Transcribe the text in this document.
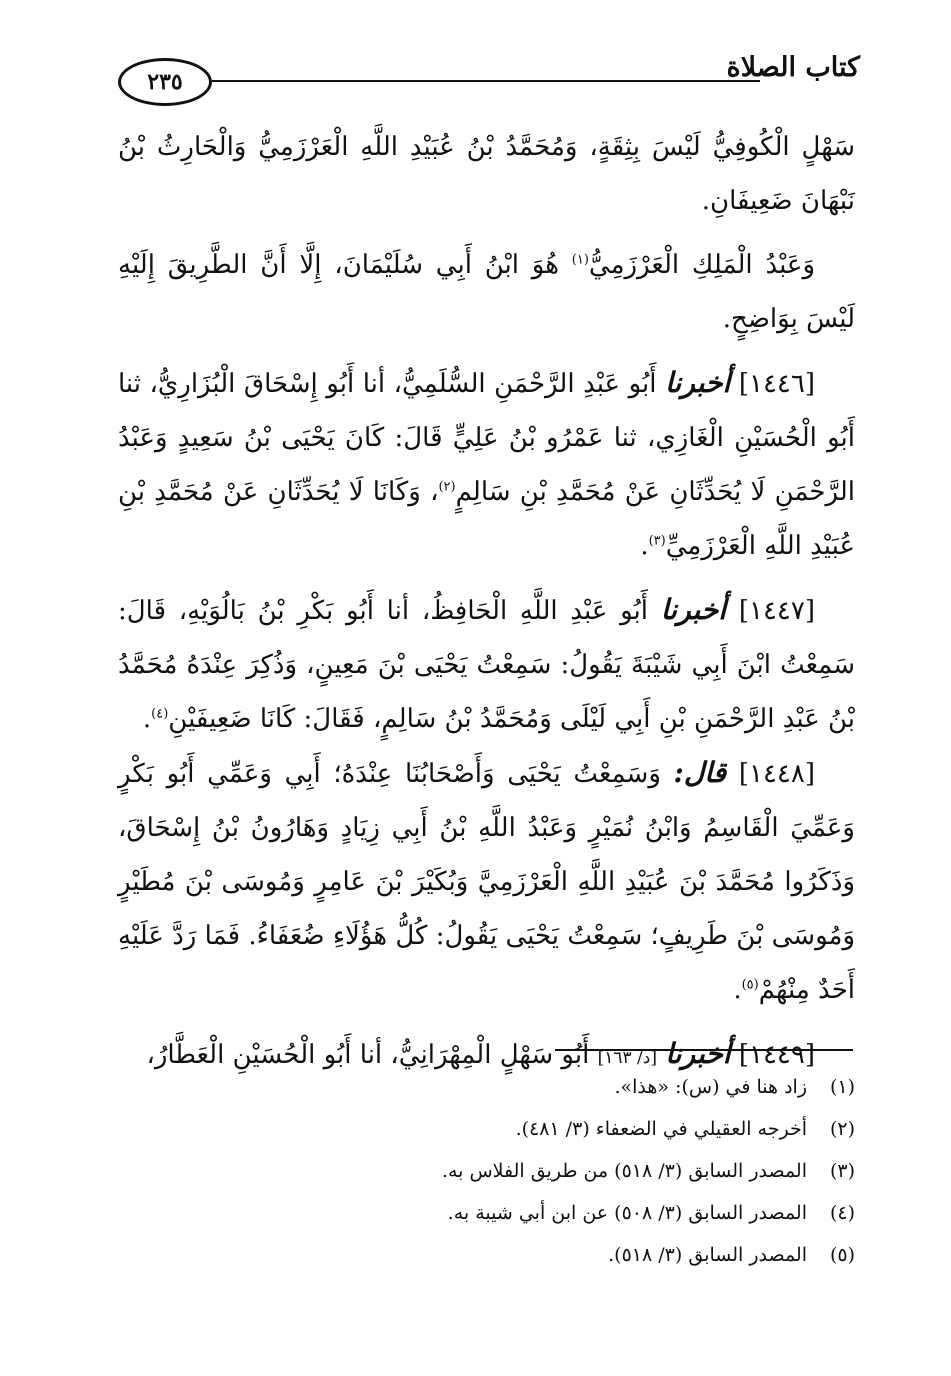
٢٣٥	كتاب الصلاة

سَهْلٍ الْكُوفِيُّ لَيْسَ بِثِقَةٍ، وَمُحَمَّدُ بْنُ عُبَيْدِ اللَّهِ الْعَرْزَمِيُّ وَالْحَارِثُ بْنُ نَبْهَانَ ضَعِيفَانِ.

وَعَبْدُ الْمَلِكِ الْعَرْزَمِيُّ$^{(١)}$ هُوَ ابْنُ أَبِي سُلَيْمَانَ، إِلَّا أَنَّ الطَّرِيقَ إِلَيْهِ لَيْسَ بِوَاضِحٍ.

[١٤٤٦] أخبرنا أَبُو عَبْدِ الرَّحْمَنِ السُّلَمِيُّ، أنا أَبُو إِسْحَاقَ الْبُزَارِيُّ، ثنا أَبُو الْحُسَيْنِ الْغَازِي، ثنا عَمْرُو بْنُ عَلِيٍّ قَالَ: كَانَ يَحْيَى بْنُ سَعِيدٍ وَعَبْدُ الرَّحْمَنِ لَا يُحَدِّثَانِ عَنْ مُحَمَّدِ بْنِ سَالِمٍ$^{(٢)}$، وَكَانَا لَا يُحَدِّثَانِ عَنْ مُحَمَّدِ بْنِ عُبَيْدِ اللَّهِ الْعَرْزَمِيِّ$^{(٣)}$.

[١٤٤٧] أخبرنا أَبُو عَبْدِ اللَّهِ الْحَافِظُ، أنا أَبُو بَكْرِ بْنُ بَالُوَيْهِ، قَالَ: سَمِعْتُ ابْنَ أَبِي شَيْبَةَ يَقُولُ: سَمِعْتُ يَحْيَى بْنَ مَعِينٍ، وَذُكِرَ عِنْدَهُ مُحَمَّدُ بْنُ عَبْدِ الرَّحْمَنِ بْنِ أَبِي لَيْلَى وَمُحَمَّدُ بْنُ سَالِمٍ، فَقَالَ: كَانَا ضَعِيفَيْنِ$^{(٤)}$.

[١٤٤٨] قال: وَسَمِعْتُ يَحْيَى وَأَصْحَابُنَا عِنْدَهُ؛ أَبِي وَعَمِّي أَبُو بَكْرٍ وَعَمِّيَ الْقَاسِمُ وَابْنُ نُمَيْرٍ وَعَبْدُ اللَّهِ بْنُ أَبِي زِيَادٍ وَهَارُونُ بْنُ إِسْحَاقَ، وَذَكَرُوا مُحَمَّدَ بْنَ عُبَيْدِ اللَّهِ الْعَرْزَمِيَّ وَبُكَيْرَ بْنَ عَامِرٍ وَمُوسَى بْنَ مُطَيْرٍ وَمُوسَى بْنَ طَرِيفٍ؛ سَمِعْتُ يَحْيَى يَقُولُ: كُلُّ هَؤُلَاءِ ضُعَفَاءُ. فَمَا رَدَّ عَلَيْهِ أَحَدٌ مِنْهُمْ$^{(٥)}$.

[١٤٤٩] أخبرنا [د/ ١٦٣] أَبُو سَهْلٍ الْمِهْرَانِيُّ، أنا أَبُو الْحُسَيْنِ الْعَطَّارُ،

(١)زاد هنا في (س): «هذا».
(٢)أخرجه العقيلي في الضعفاء (٣/ ٤٨١).
(٣)المصدر السابق (٣/ ٥١٨) من طريق الفلاس به.
(٤)المصدر السابق (٣/ ٥٠٨) عن ابن أبي شيبة به.
(٥)المصدر السابق (٣/ ٥١٨).
